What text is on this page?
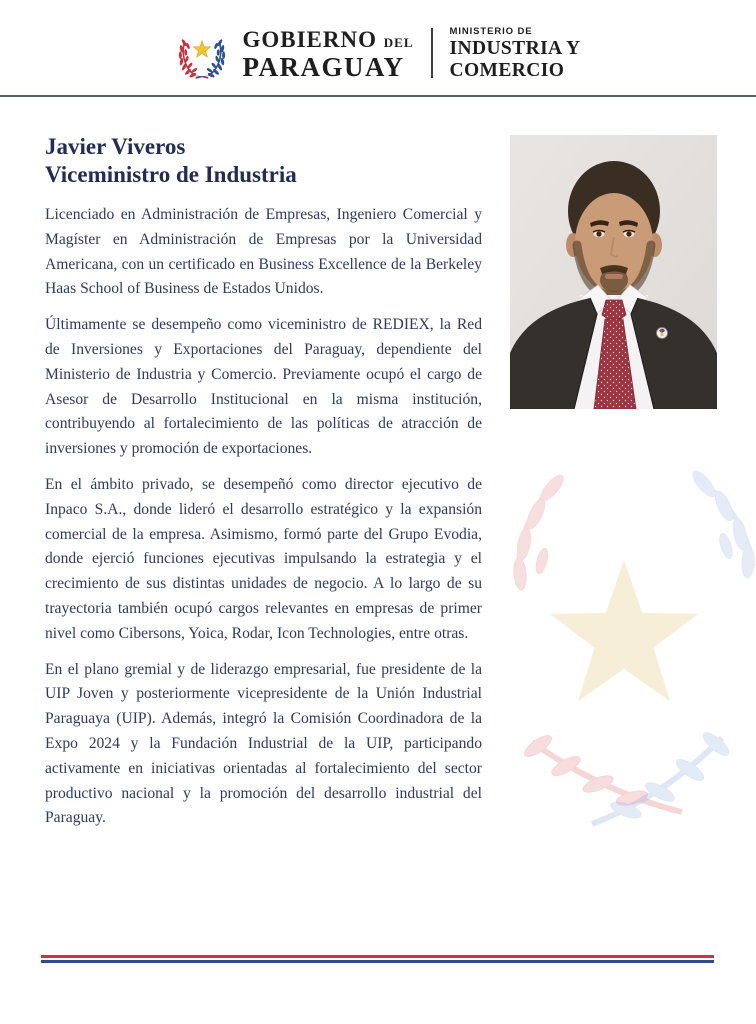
GOBIERNO DEL
PARAGUAY
MINISTERIO DE
INDUSTRIA Y
COMERCIO
Javier Viveros
Viceministro de Industria

Licenciado en Administración de Empresas, Ingeniero Comercial y Magíster en Administración de Empresas por la Universidad Americana, con un certificado en Business Excellence de la Berkeley Haas School of Business de Estados Unidos.

Últimamente se desempeño como viceministro de REDIEX, la Red de Inversiones y Exportaciones del Paraguay, dependiente del Ministerio de Industria y Comercio. Previamente ocupó el cargo de Asesor de Desarrollo Institucional en la misma institución, contribuyendo al fortalecimiento de las políticas de atracción de inversiones y promoción de exportaciones.

En el ámbito privado, se desempeñó como director ejecutivo de Inpaco S.A., donde lideró el desarrollo estratégico y la expansión comercial de la empresa. Asimismo, formó parte del Grupo Evodia, donde ejerció funciones ejecutivas impulsando la estrategia y el crecimiento de sus distintas unidades de negocio. A lo largo de su trayectoria también ocupó cargos relevantes en empresas de primer nivel como Cibersons, Yoica, Rodar, Icon Technologies, entre otras.

En el plano gremial y de liderazgo empresarial, fue presidente de la UIP Joven y posteriormente vicepresidente de la Unión Industrial Paraguaya (UIP). Además, integró la Comisión Coordinadora de la Expo 2024 y la Fundación Industrial de la UIP, participando activamente en iniciativas orientadas al fortalecimiento del sector productivo nacional y la promoción del desarrollo industrial del Paraguay.
